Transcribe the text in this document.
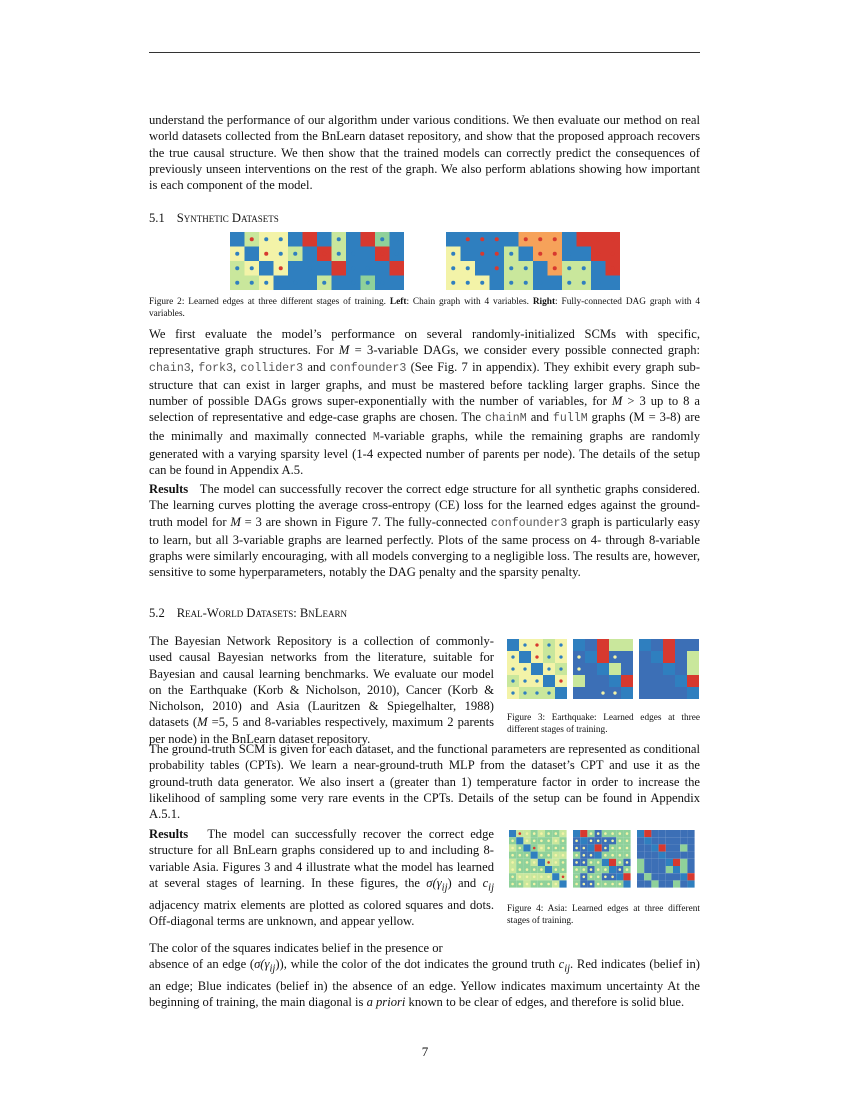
understand the performance of our algorithm under various conditions. We then evaluate our method on real world datasets collected from the BnLearn dataset repository, and show that the proposed approach recovers the true causal structure. We then show that the trained models can correctly predict the consequences of previously unseen interventions on the rest of the graph. We also perform ablations showing how important is each component of the model.
5.1 Synthetic Datasets
Figure 2: Learned edges at three different stages of training. Left: Chain graph with 4 variables. Right: Fully-connected DAG graph with 4 variables.
We first evaluate the model’s performance on several randomly-initialized SCMs with specific, representative graph structures. For M = 3-variable DAGs, we consider every possible connected graph: chain3, fork3, collider3 and confounder3 (See Fig. 7 in appendix). They exhibit every graph sub-structure that can exist in larger graphs, and must be mastered before tackling larger graphs. Since the number of possible DAGs grows super-exponentially with the number of variables, for M > 3 up to 8 a selection of representative and edge-case graphs are chosen. The chainM and fullM graphs (M = 3-8) are the minimally and maximally connected M-variable graphs, while the remaining graphs are randomly generated with a varying sparsity level (1-4 expected number of parents per node). The details of the setup can be found in Appendix A.5.
Results The model can successfully recover the correct edge structure for all synthetic graphs considered. The learning curves plotting the average cross-entropy (CE) loss for the learned edges against the ground-truth model for M = 3 are shown in Figure 7. The fully-connected confounder3 graph is particularly easy to learn, but all 3-variable graphs are learned perfectly. Plots of the same process on 4- through 8-variable graphs were similarly encouraging, with all models converging to a negligible loss. The results are, however, sensitive to some hyperparameters, notably the DAG penalty and the sparsity penalty.
5.2 Real-World Datasets: BnLearn
The Bayesian Network Repository is a collection of commonly-used causal Bayesian networks from the literature, suitable for Bayesian and causal learning benchmarks. We evaluate our model on the Earthquake (Korb & Nicholson, 2010), Cancer (Korb & Nicholson, 2010) and Asia (Lauritzen & Spiegelhalter, 1988) datasets (M =5, 5 and 8-variables respectively, maximum 2 parents per node) in the BnLearn dataset repository.
The ground-truth SCM is given for each dataset, and the functional parameters are represented as conditional probability tables (CPTs). We learn a near-ground-truth MLP from the dataset’s CPT and use it as the ground-truth data generator. We also insert a (greater than 1) temperature factor in order to increase the likelihood of sampling some very rare events in the CPTs. Details of the setup can be found in Appendix A.5.1.
Figure 3: Earthquake: Learned edges at three different stages of training.
Results The model can successfully recover the correct edge structure for all BnLearn graphs considered up to and including 8-variable Asia. Figures 3 and 4 illustrate what the model has learned at several stages of learning. In these figures, the $\sigma(\gamma_{ij})$ and $c_{ij}$ adjacency matrix elements are plotted as colored squares and dots. Off-diagonal terms are unknown, and appear yellow.
The color of the squares indicates belief in the presence or
absence of an edge $(\sigma(\gamma_{ij}))$, while the color of the dot indicates the ground truth $c_{ij}$. Red indicates (belief in) an edge; Blue indicates (belief in) the absence of an edge. Yellow indicates maximum uncertainty At the beginning of training, the main diagonal is a priori known to be clear of edges, and therefore is solid blue.
Figure 4: Asia: Learned edges at three different stages of training.
7
